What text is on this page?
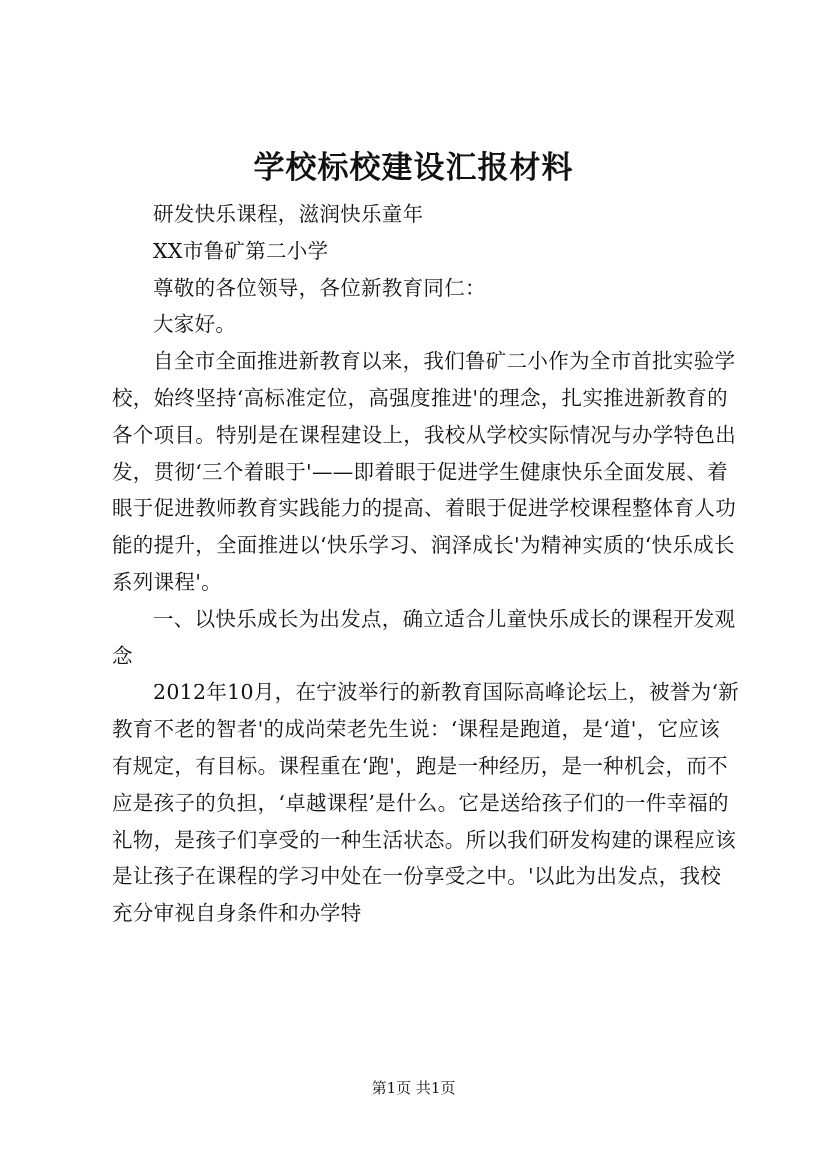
学校标校建设汇报材料

研发快乐课程，滋润快乐童年

XX市鲁矿第二小学

尊敬的各位领导，各位新教育同仁：

大家好。

自全市全面推进新教育以来，我们鲁矿二小作为全市首批实验学校，始终坚持‘高标准定位，高强度推进'的理念，扎实推进新教育的各个项目。特别是在课程建设上，我校从学校实际情况与办学特色出发，贯彻‘三个着眼于'——即着眼于促进学生健康快乐全面发展、着眼于促进教师教育实践能力的提高、着眼于促进学校课程整体育人功能的提升，全面推进以‘快乐学习、润泽成长'为精神实质的‘快乐成长系列课程'。

一、以快乐成长为出发点，确立适合儿童快乐成长的课程开发观念

2012年10月，在宁波举行的新教育国际高峰论坛上，被誉为‘新教育不老的智者'的成尚荣老先生说：‘课程是跑道，是‘道'，它应该有规定，有目标。课程重在‘跑'，跑是一种经历，是一种机会，而不应是孩子的负担，‘卓越课程’是什么。它是送给孩子们的一件幸福的礼物，是孩子们享受的一种生活状态。所以我们研发构建的课程应该是让孩子在课程的学习中处在一份享受之中。'以此为出发点，我校充分审视自身条件和办学特

第1页 共1页
